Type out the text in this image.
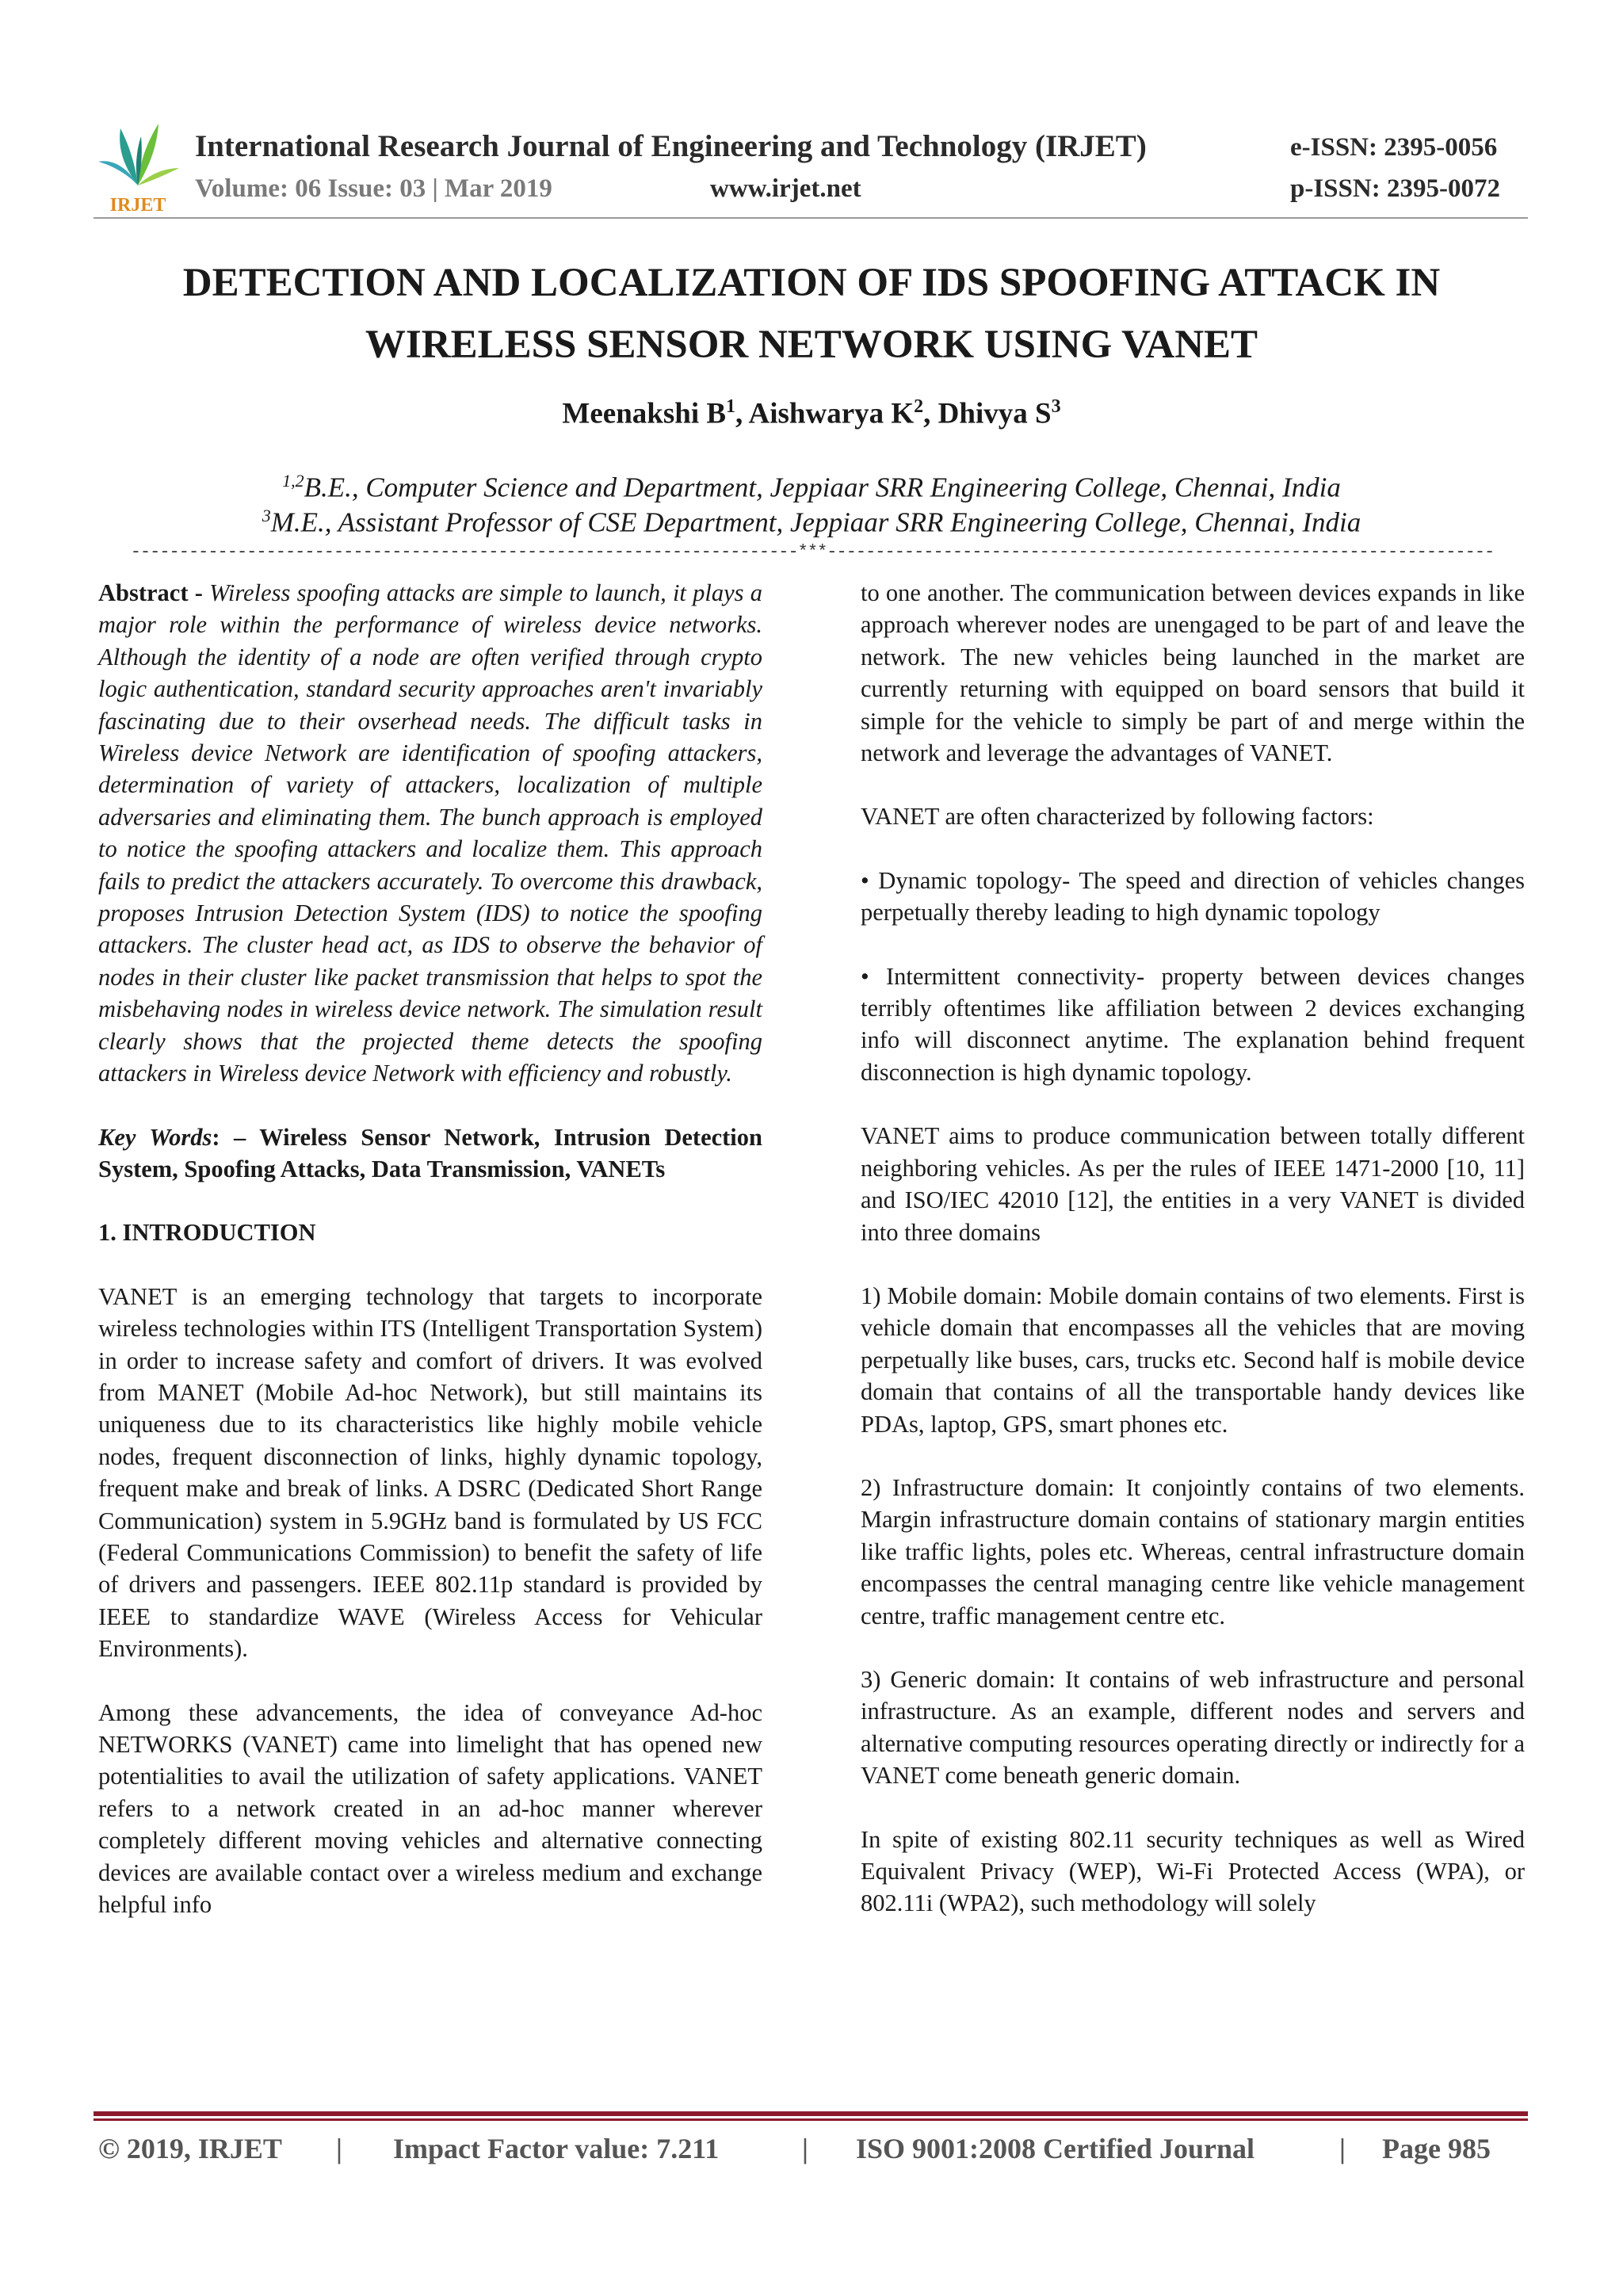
IRJET
International Research Journal of Engineering and Technology (IRJET)	e-ISSN: 2395-0056
Volume: 06 Issue: 03 | Mar 2019	www.irjet.net	p-ISSN: 2395-0072
DETECTION AND LOCALIZATION OF IDS SPOOFING ATTACK IN
WIRELESS SENSOR NETWORK USING VANET
Meenakshi $B^1$, Aishwarya $K^2$, Dhivya $S^3$
$^{1,2}$B.E., Computer Science and Department, Jeppiaar SRR Engineering College, Chennai, India
$^3$M.E., Assistant Professor of CSE Department, Jeppiaar SRR Engineering College, Chennai, India
---------------------------------------------------------------------***---------------------------------------------------------------------

Abstract - Wireless spoofing attacks are simple to launch, it plays a major role within the performance of wireless device networks. Although the identity of a node are often verified through crypto logic authentication, standard security approaches aren't invariably fascinating due to their ovserhead needs. The difficult tasks in Wireless device Network are identification of spoofing attackers, determination of variety of attackers, localization of multiple adversaries and eliminating them. The bunch approach is employed to notice the spoofing attackers and localize them. This approach fails to predict the attackers accurately. To overcome this drawback, proposes Intrusion Detection System (IDS) to notice the spoofing attackers. The cluster head act, as IDS to observe the behavior of nodes in their cluster like packet transmission that helps to spot the misbehaving nodes in wireless device network. The simulation result clearly shows that the projected theme detects the spoofing attackers in Wireless device Network with efficiency and robustly.

Key Words: – Wireless Sensor Network, Intrusion Detection System, Spoofing Attacks, Data Transmission, VANETs

1. INTRODUCTION

VANET is an emerging technology that targets to incorporate wireless technologies within ITS (Intelligent Transportation System) in order to increase safety and comfort of drivers. It was evolved from MANET (Mobile Ad-hoc Network), but still maintains its uniqueness due to its characteristics like highly mobile vehicle nodes, frequent disconnection of links, highly dynamic topology, frequent make and break of links. A DSRC (Dedicated Short Range Communication) system in 5.9GHz band is formulated by US FCC (Federal Communications Commission) to benefit the safety of life of drivers and passengers. IEEE 802.11p standard is provided by IEEE to standardize WAVE (Wireless Access for Vehicular Environments).

Among these advancements, the idea of conveyance Ad-hoc NETWORKS (VANET) came into limelight that has opened new potentialities to avail the utilization of safety applications. VANET refers to a network created in an ad-hoc manner wherever completely different moving vehicles and alternative connecting devices are available contact over a wireless medium and exchange helpful info

to one another. The communication between devices expands in like approach wherever nodes are unengaged to be part of and leave the network. The new vehicles being launched in the market are currently returning with equipped on board sensors that build it simple for the vehicle to simply be part of and merge within the network and leverage the advantages of VANET.

VANET are often characterized by following factors:

• Dynamic topology- The speed and direction of vehicles changes perpetually thereby leading to high dynamic topology

• Intermittent connectivity- property between devices changes terribly oftentimes like affiliation between 2 devices exchanging info will disconnect anytime. The explanation behind frequent disconnection is high dynamic topology.

VANET aims to produce communication between totally different neighboring vehicles. As per the rules of IEEE 1471-2000 [10, 11] and ISO/IEC 42010 [12], the entities in a very VANET is divided into three domains

1) Mobile domain: Mobile domain contains of two elements. First is vehicle domain that encompasses all the vehicles that are moving perpetually like buses, cars, trucks etc. Second half is mobile device domain that contains of all the transportable handy devices like PDAs, laptop, GPS, smart phones etc.

2) Infrastructure domain: It conjointly contains of two elements. Margin infrastructure domain contains of stationary margin entities like traffic lights, poles etc. Whereas, central infrastructure domain encompasses the central managing centre like vehicle management centre, traffic management centre etc.

3) Generic domain: It contains of web infrastructure and personal infrastructure. As an example, different nodes and servers and alternative computing resources operating directly or indirectly for a VANET come beneath generic domain.

In spite of existing 802.11 security techniques as well as Wired Equivalent Privacy (WEP), Wi-Fi Protected Access (WPA), or 802.11i (WPA2), such methodology will solely

© 2019, IRJET | Impact Factor value: 7.211	| ISO 9001:2008 Certified Journal	| Page 985
